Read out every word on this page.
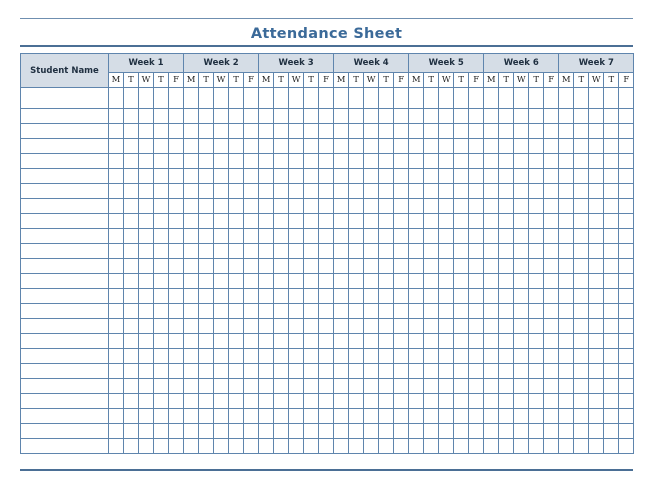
Attendance Sheet
Student Name	Week 1					Week 2					Week 3					Week 4					Week 5					Week 6					Week 7				
	M	T	W	T	F	M	T	W	T	F	M	T	W	T	F	M	T	W	T	F	M	T	W	T	F	M	T	W	T	F	M	T	W	T	F
